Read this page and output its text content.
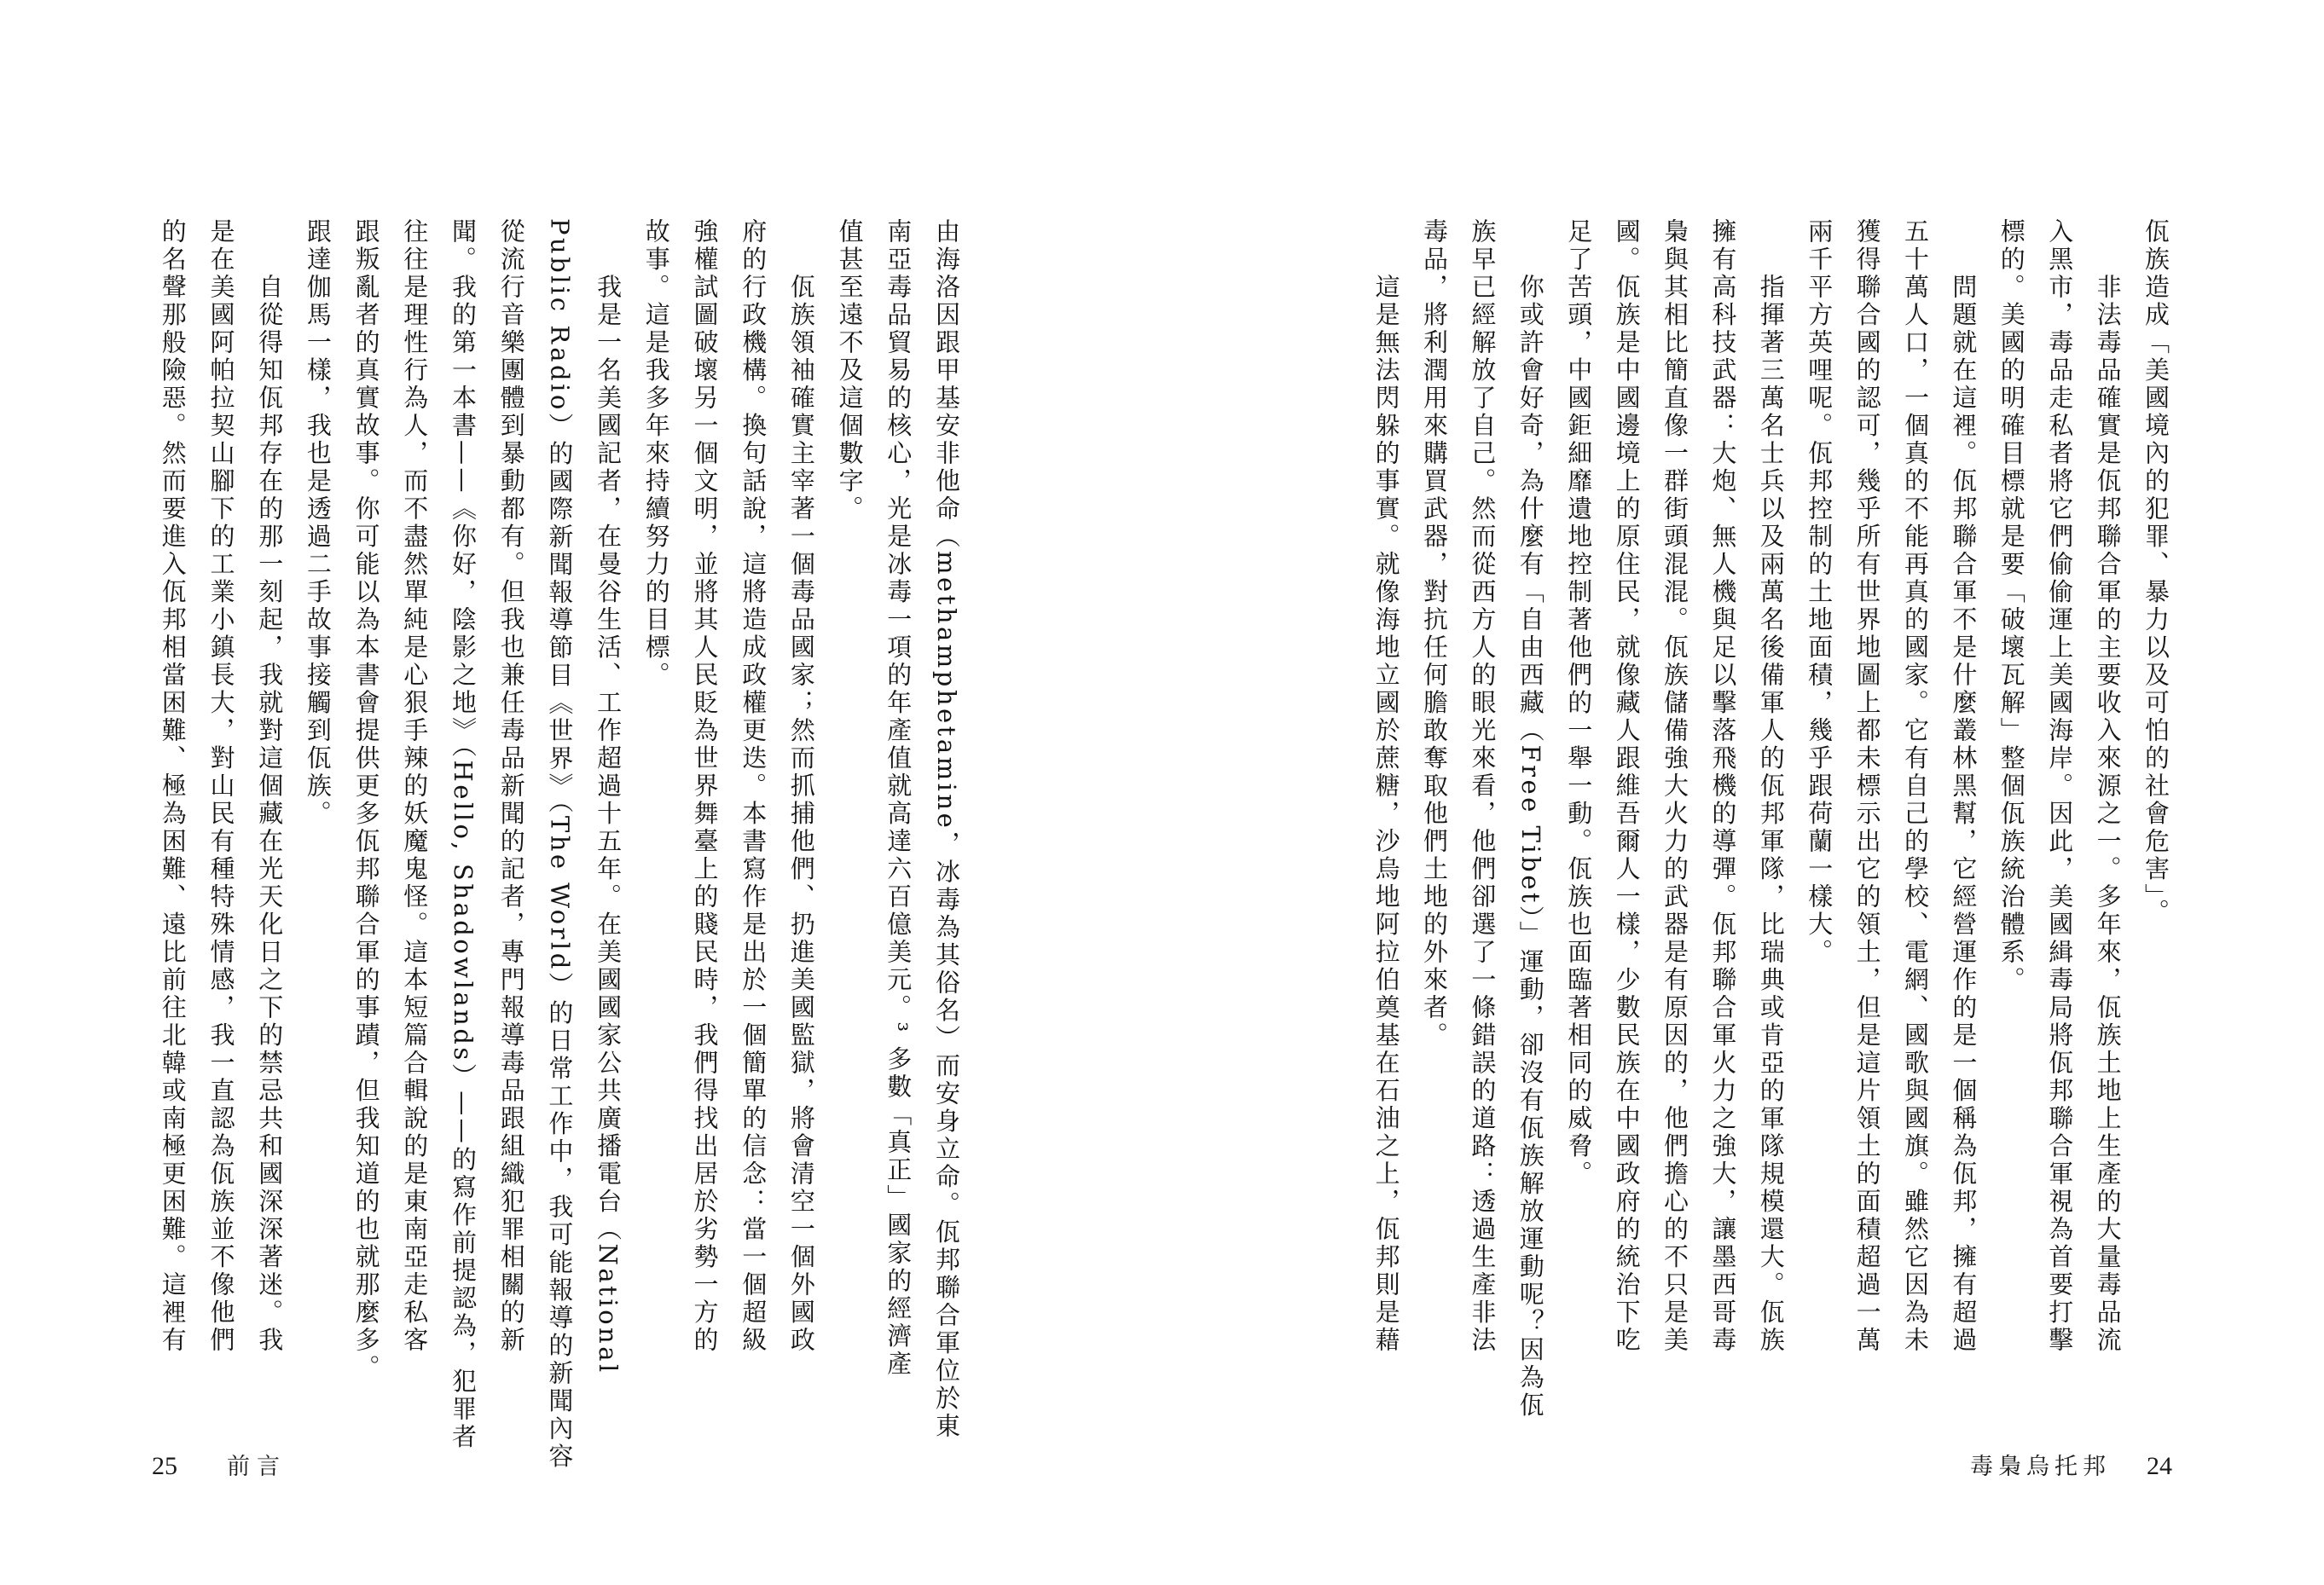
佤族造成「美國境內的犯罪、暴力以及可怕的社會危害」。
非法毒品確實是佤邦聯合軍的主要收入來源之一。多年來，佤族土地上生產的大量毒品流
入黑市，毒品走私者將它們偷偷運上美國海岸。因此，美國緝毒局將佤邦聯合軍視為首要打擊
標的。美國的明確目標就是要「破壞瓦解」整個佤族統治體系。
問題就在這裡。佤邦聯合軍不是什麼叢林黑幫，它經營運作的是一個稱為佤邦，擁有超過
五十萬人口，一個真的不能再真的國家。它有自己的學校、電網、國歌與國旗。雖然它因為未
獲得聯合國的認可，幾乎所有世界地圖上都未標示出它的領土，但是這片領土的面積超過一萬
兩千平方英哩呢。佤邦控制的土地面積，幾乎跟荷蘭一樣大。
指揮著三萬名士兵以及兩萬名後備軍人的佤邦軍隊，比瑞典或肯亞的軍隊規模還大。佤族
擁有高科技武器：大炮、無人機與足以擊落飛機的導彈。佤邦聯合軍火力之強大，讓墨西哥毒
梟與其相比簡直像一群街頭混混。佤族儲備強大火力的武器是有原因的，他們擔心的不只是美
國。佤族是中國邊境上的原住民，就像藏人跟維吾爾人一樣，少數民族在中國政府的統治下吃
足了苦頭，中國鉅細靡遺地控制著他們的一舉一動。佤族也面臨著相同的威脅。
你或許會好奇，為什麼有「自由西藏（Free Tibet）」運動，卻沒有佤族解放運動呢？因為佤
族早已經解放了自己。然而從西方人的眼光來看，他們卻選了一條錯誤的道路：透過生產非法
毒品，將利潤用來購買武器，對抗任何膽敢奪取他們土地的外來者。
這是無法閃躲的事實。就像海地立國於蔗糖，沙烏地阿拉伯奠基在石油之上，佤邦則是藉
由海洛因跟甲基安非他命（methamphetamine，冰毒為其俗名）而安身立命。佤邦聯合軍位於東
南亞毒品貿易的核心，光是冰毒一項的年產值就高達六百億美元。³ 多數「真正」國家的經濟產
值甚至遠不及這個數字。
佤族領袖確實主宰著一個毒品國家；然而抓捕他們、扔進美國監獄，將會清空一個外國政
府的行政機構。換句話說，這將造成政權更迭。本書寫作是出於一個簡單的信念：當一個超級
強權試圖破壞另一個文明，並將其人民貶為世界舞臺上的賤民時，我們得找出居於劣勢一方的
故事。這是我多年來持續努力的目標。
我是一名美國記者，在曼谷生活、工作超過十五年。在美國國家公共廣播電台（National
Public Radio）的國際新聞報導節目《世界》（The World）的日常工作中，我可能報導的新聞內容
從流行音樂團體到暴動都有。但我也兼任毒品新聞的記者，專門報導毒品跟組織犯罪相關的新
聞。我的第一本書——《你好，陰影之地》（Hello, Shadowlands）——的寫作前提認為，犯罪者
往往是理性行為人，而不盡然單純是心狠手辣的妖魔鬼怪。這本短篇合輯說的是東南亞走私客
跟叛亂者的真實故事。你可能以為本書會提供更多佤邦聯合軍的事蹟，但我知道的也就那麼多。
跟達伽馬一樣，我也是透過二手故事接觸到佤族。
自從得知佤邦存在的那一刻起，我就對這個藏在光天化日之下的禁忌共和國深深著迷。我
是在美國阿帕拉契山腳下的工業小鎮長大，對山民有種特殊情感，我一直認為佤族並不像他們
的名聲那般險惡。然而要進入佤邦相當困難、極為困難、遠比前往北韓或南極更困難。這裡有
毒梟烏托邦 24
25 前言
